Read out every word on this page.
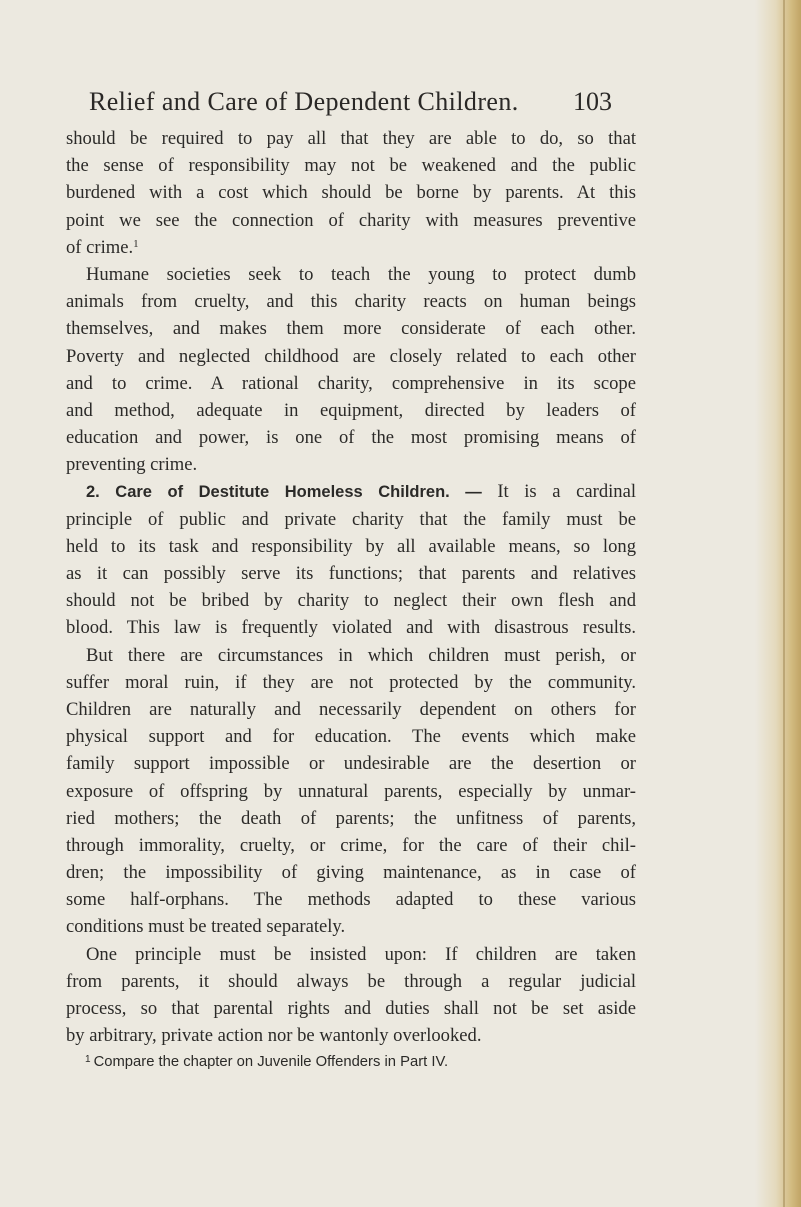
Relief and Care of Dependent Children. 103
should be required to pay all that they are able to do, so that
the sense of responsibility may not be weakened and the public
burdened with a cost which should be borne by parents. At this
point we see the connection of charity with measures preventive
of crime.$^1$
Humane societies seek to teach the young to protect dumb
animals from cruelty, and this charity reacts on human beings
themselves, and makes them more considerate of each other.
Poverty and neglected childhood are closely related to each other
and to crime. A rational charity, comprehensive in its scope
and method, adequate in equipment, directed by leaders of
education and power, is one of the most promising means of
preventing crime.
2. Care of Destitute Homeless Children. — It is a cardinal
principle of public and private charity that the family must be
held to its task and responsibility by all available means, so long
as it can possibly serve its functions; that parents and relatives
should not be bribed by charity to neglect their own flesh and
blood. This law is frequently violated and with disastrous results.
But there are circumstances in which children must perish, or
suffer moral ruin, if they are not protected by the community.
Children are naturally and necessarily dependent on others for
physical support and for education. The events which make
family support impossible or undesirable are the desertion or
exposure of offspring by unnatural parents, especially by unmar-
ried mothers; the death of parents; the unfitness of parents,
through immorality, cruelty, or crime, for the care of their chil-
dren; the impossibility of giving maintenance, as in case of
some half-orphans. The methods adapted to these various
conditions must be treated separately.
One principle must be insisted upon: If children are taken
from parents, it should always be through a regular judicial
process, so that parental rights and duties shall not be set aside
by arbitrary, private action nor be wantonly overlooked.
$^1$ Compare the chapter on Juvenile Offenders in Part IV.
